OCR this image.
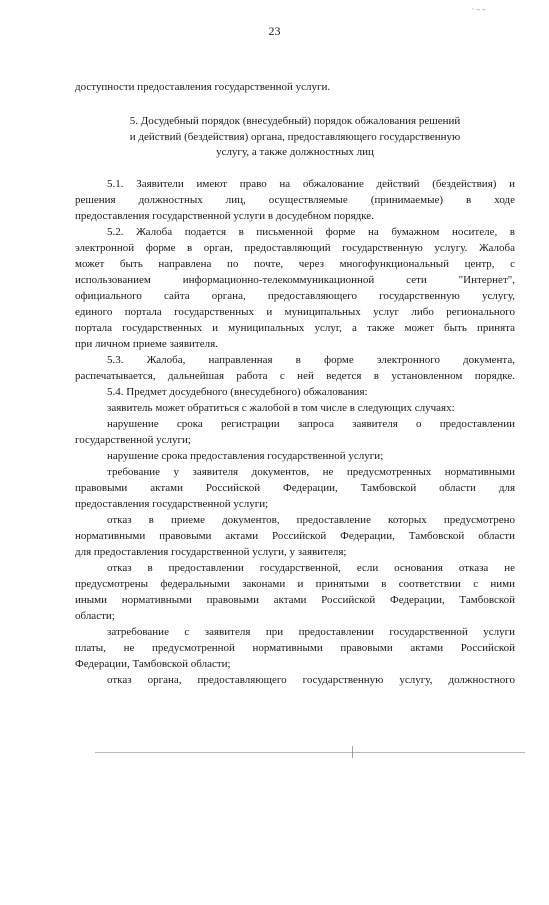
· - -
23
доступности предоставления государственной услуги.
5. Досудебный порядок (внесудебный) порядок обжалования решений
и действий (бездействия) органа, предоставляющего государственную
услугу, а также должностных лиц
5.1. Заявители имеют право на обжалование действий (бездействия) и
решения должностных лиц, осуществляемые (принимаемые) в ходе
предоставления государственной услуги в досудебном порядке.
5.2. Жалоба подается в письменной форме на бумажном носителе, в
электронной форме в орган, предоставляющий государственную услугу. Жалоба
может быть направлена по почте, через многофункциональный центр, с
использованием информационно-телекоммуникационной сети "Интернет",
официального сайта органа, предоставляющего государственную услугу,
единого портала государственных и муниципальных услуг либо регионального
портала государственных и муниципальных услуг, а также может быть принята
при личном приеме заявителя.
5.3. Жалоба, направленная в форме электронного документа,
распечатывается, дальнейшая работа с ней ведется в установленном порядке.
5.4. Предмет досудебного (внесудебного) обжалования:
заявитель может обратиться с жалобой в том числе в следующих случаях:
нарушение срока регистрации запроса заявителя о предоставлении
государственной услуги;
нарушение срока предоставления государственной услуги;
требование у заявителя документов, не предусмотренных нормативными
правовыми актами Российской Федерации, Тамбовской области для
предоставления государственной услуги;
отказ в приеме документов, предоставление которых предусмотрено
нормативными правовыми актами Российской Федерации, Тамбовской области
для предоставления государственной услуги, у заявителя;
отказ в предоставлении государственной, если основания отказа не
предусмотрены федеральными законами и принятыми в соответствии с ними
иными нормативными правовыми актами Российской Федерации, Тамбовской
области;
затребование с заявителя при предоставлении государственной услуги
платы, не предусмотренной нормативными правовыми актами Российской
Федерации, Тамбовской области;
отказ органа, предоставляющего государственную услугу, должностного
